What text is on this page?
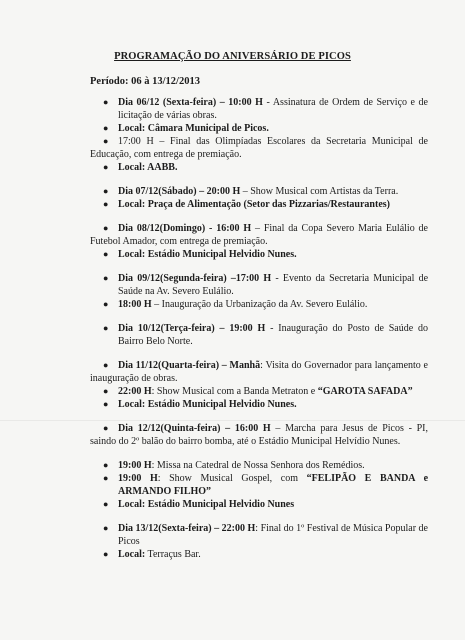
PROGRAMAÇÃO DO ANIVERSÁRIO DE PICOS
Período: 06 à 13/12/2013
● Dia 06/12 (Sexta-feira) – 10:00 H - Assinatura de Ordem de Serviço e de licitação de várias obras.
● Local: Câmara Municipal de Picos.
● 17:00 H – Final das Olimpíadas Escolares da Secretaria Municipal de Educação, com entrega de premiação.
● Local: AABB.
● Dia 07/12(Sábado) – 20:00 H – Show Musical com Artistas da Terra.
● Local: Praça de Alimentação (Setor das Pizzarias/Restaurantes)
● Dia 08/12(Domingo) - 16:00 H – Final da Copa Severo Maria Eulálio de Futebol Amador, com entrega de premiação.
● Local: Estádio Municipal Helvidio Nunes.
● Dia 09/12(Segunda-feira) –17:00 H - Evento da Secretaria Municipal de Saúde na Av. Severo Eulálio.
● 18:00 H – Inauguração da Urbanização da Av. Severo Eulálio.
● Dia 10/12(Terça-feira) – 19:00 H - Inauguração do Posto de Saúde do Bairro Belo Norte.
● Dia 11/12(Quarta-feira) – Manhã: Visita do Governador para lançamento e inauguração de obras.
● 22:00 H: Show Musical com a Banda Metraton e “GAROTA SAFADA”
● Local: Estádio Municipal Helvidio Nunes.
● Dia 12/12(Quinta-feira) – 16:00 H – Marcha para Jesus de Picos - PI, saindo do 2º balão do bairro bomba, até o Estádio Municipal Helvídio Nunes.
● 19:00 H: Missa na Catedral de Nossa Senhora dos Remédios.
● 19:00 H: Show Musical Gospel, com “FELIPÃO E BANDA e ARMANDO FILHO”
● Local: Estádio Municipal Helvidio Nunes
● Dia 13/12(Sexta-feira) – 22:00 H: Final do 1º Festival de Música Popular de Picos
● Local: Terraçus Bar.
